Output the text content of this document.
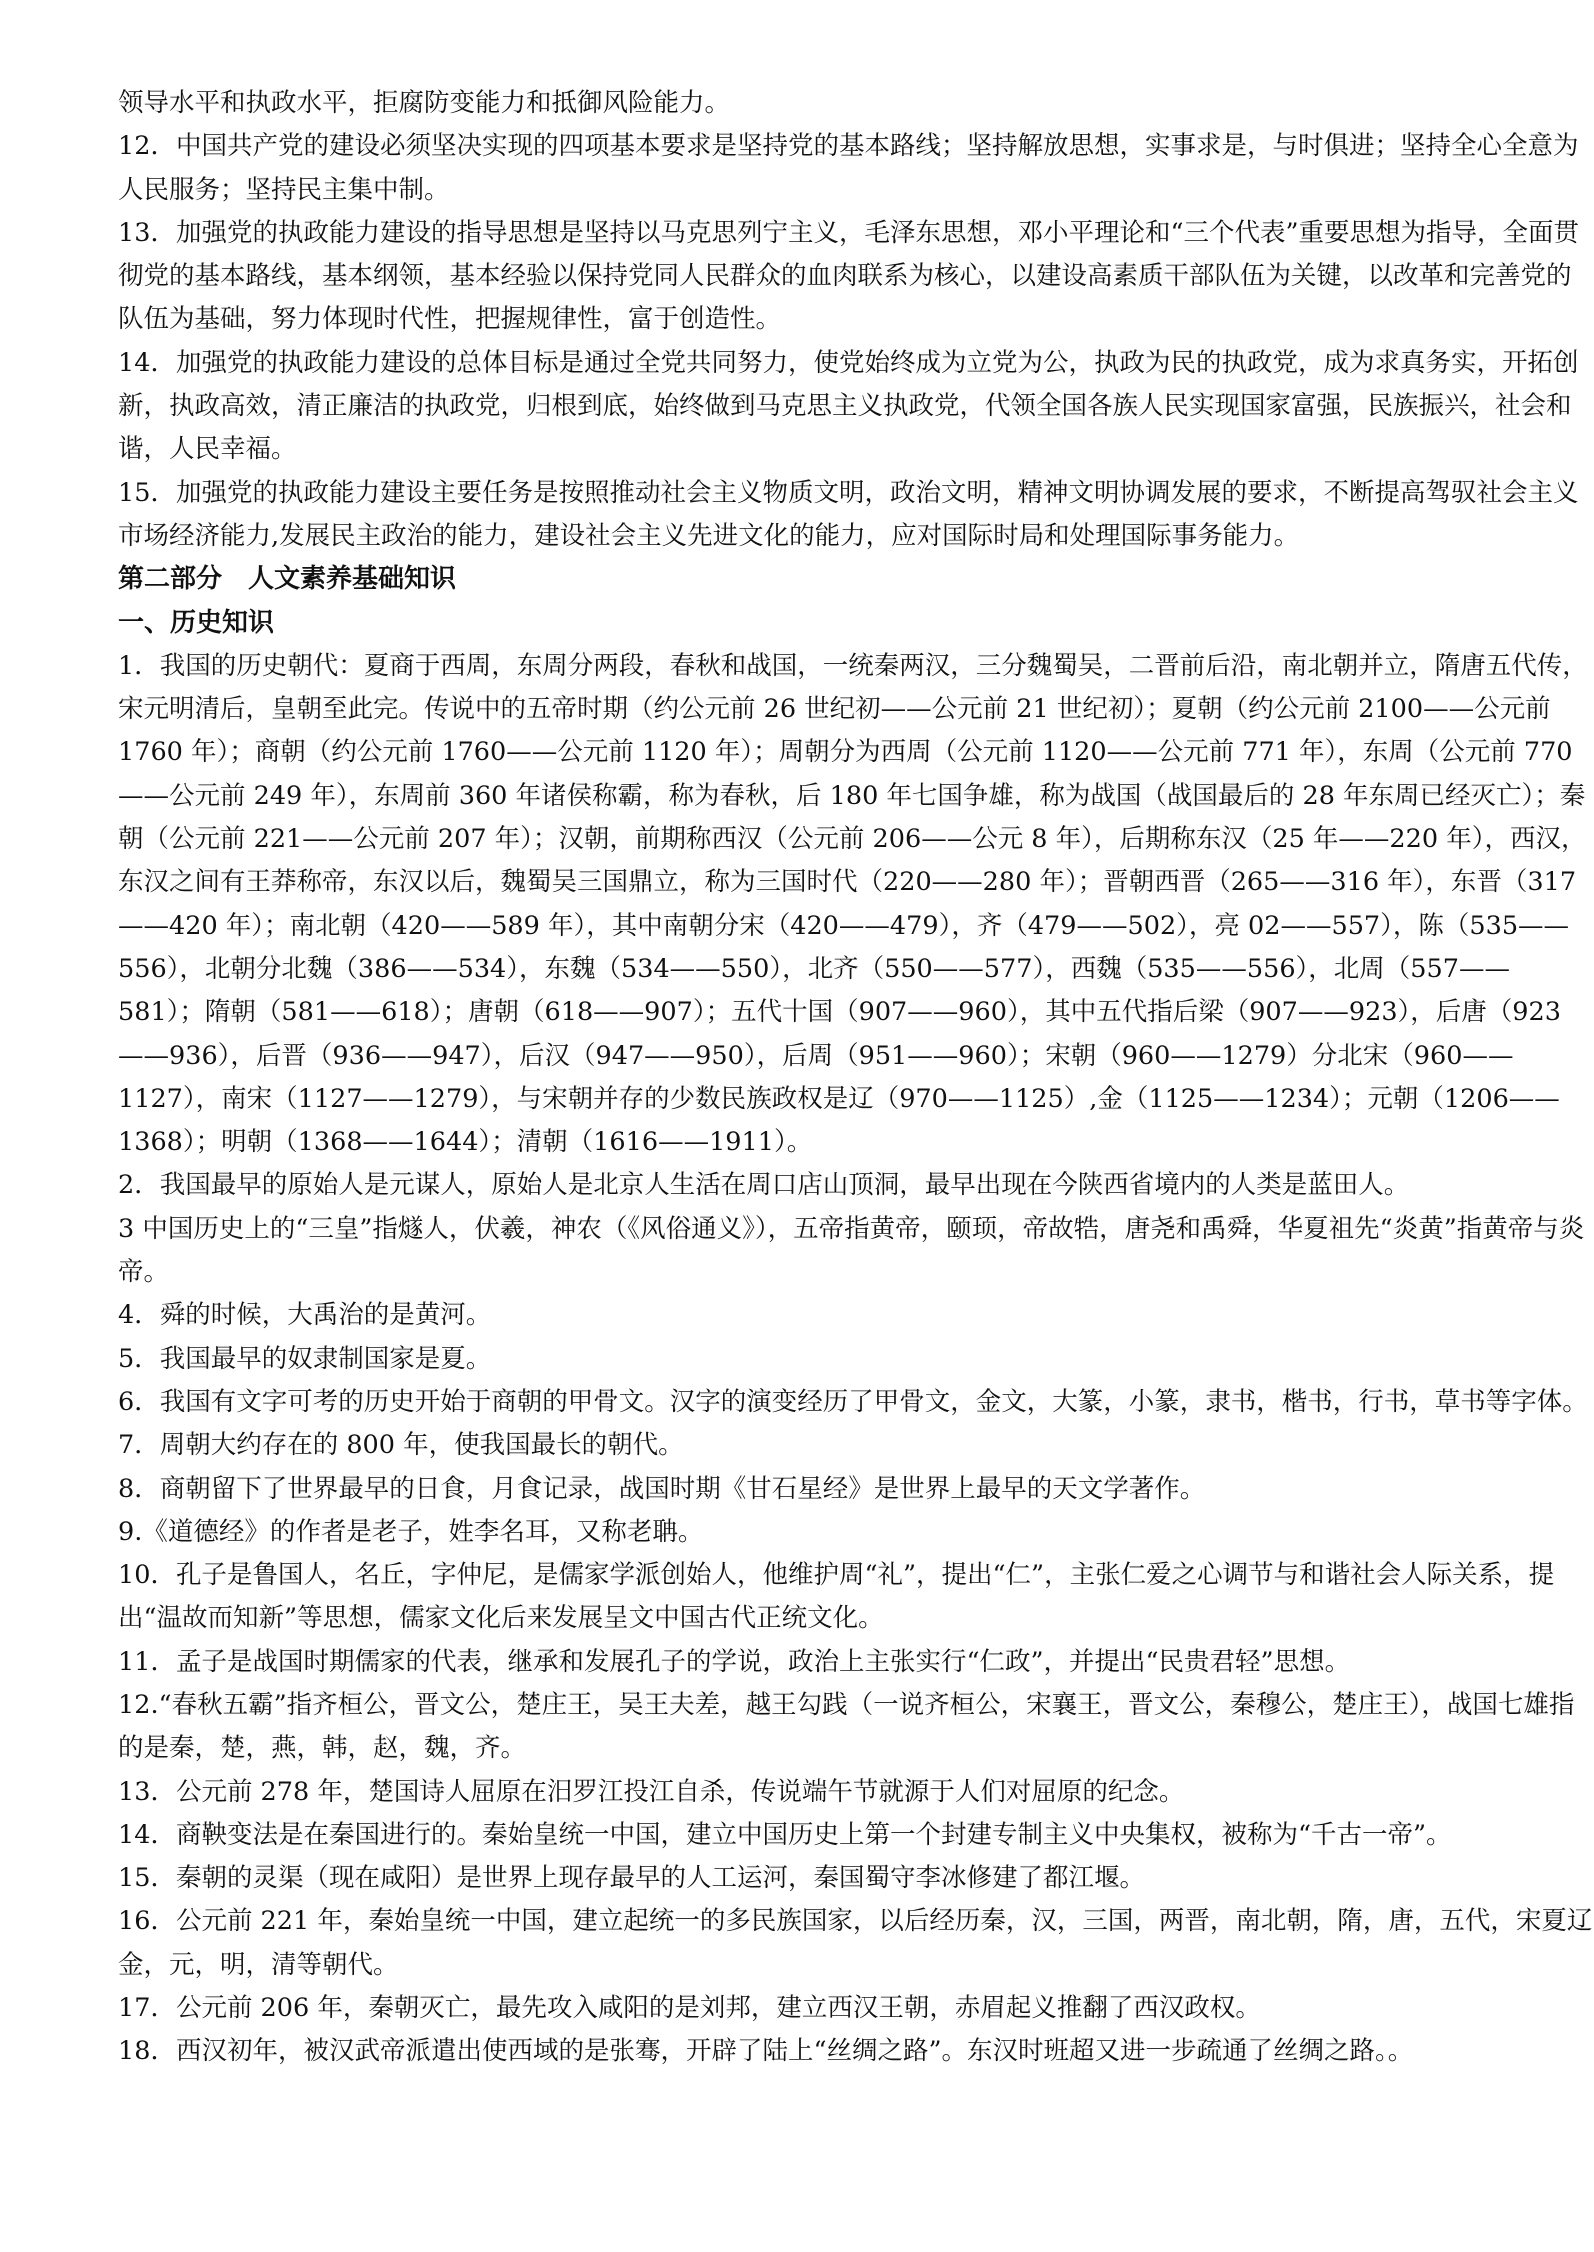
领导水平和执政水平，拒腐防变能力和抵御风险能力。

12．中国共产党的建设必须坚决实现的四项基本要求是坚持党的基本路线；坚持解放思想，实事求是，与时俱进；坚持全心全意为人民服务；坚持民主集中制。

13．加强党的执政能力建设的指导思想是坚持以马克思列宁主义，毛泽东思想，邓小平理论和“三个代表”重要思想为指导，全面贯彻党的基本路线，基本纲领，基本经验以保持党同人民群众的血肉联系为核心，以建设高素质干部队伍为关键，以改革和完善党的队伍为基础，努力体现时代性，把握规律性，富于创造性。

14．加强党的执政能力建设的总体目标是通过全党共同努力，使党始终成为立党为公，执政为民的执政党，成为求真务实，开拓创新，执政高效，清正廉洁的执政党，归根到底，始终做到马克思主义执政党，代领全国各族人民实现国家富强，民族振兴，社会和谐，人民幸福。

15．加强党的执政能力建设主要任务是按照推动社会主义物质文明，政治文明，精神文明协调发展的要求，不断提高驾驭社会主义市场经济能力,发展民主政治的能力，建设社会主义先进文化的能力，应对国际时局和处理国际事务能力。

第二部分　人文素养基础知识
一、历史知识

1．我国的历史朝代：夏商于西周，东周分两段，春秋和战国，一统秦两汉，三分魏蜀吴，二晋前后沿，南北朝并立，隋唐五代传，宋元明清后，皇朝至此完。传说中的五帝时期（约公元前 26 世纪初——公元前 21 世纪初）；夏朝（约公元前 2100——公元前 1760 年）；商朝（约公元前 1760——公元前 1120 年）；周朝分为西周（公元前 1120——公元前 771 年），东周（公元前 770——公元前 249 年），东周前 360 年诸侯称霸，称为春秋，后 180 年七国争雄，称为战国（战国最后的 28 年东周已经灭亡）；秦朝（公元前 221——公元前 207 年）；汉朝，前期称西汉（公元前 206——公元 8 年），后期称东汉（25 年——220 年），西汉，东汉之间有王莽称帝，东汉以后，魏蜀吴三国鼎立，称为三国时代（220——280 年）；晋朝西晋（265——316 年），东晋（317——420 年）；南北朝（420——589 年），其中南朝分宋（420——479），齐（479——502），亮 02——557），陈（535——556），北朝分北魏（386——534），东魏（534——550），北齐（550——577），西魏（535——556），北周（557——581）；隋朝（581——618）；唐朝（618——907）；五代十国（907——960），其中五代指后梁（907——923），后唐（923——936），后晋（936——947），后汉（947——950），后周（951——960）；宋朝（960——1279）分北宋（960——1127），南宋（1127——1279），与宋朝并存的少数民族政权是辽（970——1125）,金（1125——1234）；元朝（1206——1368）；明朝（1368——1644）；清朝（1616——1911）。

2．我国最早的原始人是元谋人，原始人是北京人生活在周口店山顶洞，最早出现在今陕西省境内的人类是蓝田人。

3 中国历史上的“三皇”指燧人，伏羲，神农（《风俗通义》），五帝指黄帝，颐顼，帝故牿，唐尧和禹舜，华夏祖先“炎黄”指黄帝与炎帝。

4．舜的时候，大禹治的是黄河。

5．我国最早的奴隶制国家是夏。

6．我国有文字可考的历史开始于商朝的甲骨文。汉字的演变经历了甲骨文，金文，大篆，小篆，隶书，楷书，行书，草书等字体。

7．周朝大约存在的 800 年，使我国最长的朝代。

8．商朝留下了世界最早的日食，月食记录，战国时期《甘石星经》是世界上最早的天文学著作。

9.《道德经》的作者是老子，姓李名耳，又称老聃。

10．孔子是鲁国人，名丘，字仲尼，是儒家学派创始人，他维护周“礼”，提出“仁”，主张仁爱之心调节与和谐社会人际关系，提出“温故而知新”等思想，儒家文化后来发展呈文中国古代正统文化。

11．孟子是战国时期儒家的代表，继承和发展孔子的学说，政治上主张实行“仁政”，并提出“民贵君轻”思想。

12.“春秋五霸”指齐桓公，晋文公，楚庄王，吴王夫差，越王勾践（一说齐桓公，宋襄王，晋文公，秦穆公，楚庄王），战国七雄指的是秦，楚，燕，韩，赵，魏，齐。

13．公元前 278 年，楚国诗人屈原在汨罗江投江自杀，传说端午节就源于人们对屈原的纪念。

14．商鞅变法是在秦国进行的。秦始皇统一中国，建立中国历史上第一个封建专制主义中央集权，被称为“千古一帝”。

15．秦朝的灵渠（现在咸阳）是世界上现存最早的人工运河，秦国蜀守李冰修建了都江堰。

16．公元前 221 年，秦始皇统一中国，建立起统一的多民族国家，以后经历秦，汉，三国，两晋，南北朝，隋，唐，五代，宋夏辽金，元，明，清等朝代。

17．公元前 206 年，秦朝灭亡，最先攻入咸阳的是刘邦，建立西汉王朝，赤眉起义推翻了西汉政权。

18．西汉初年，被汉武帝派遣出使西域的是张骞，开辟了陆上“丝绸之路”。东汉时班超又进一步疏通了丝绸之路。。
